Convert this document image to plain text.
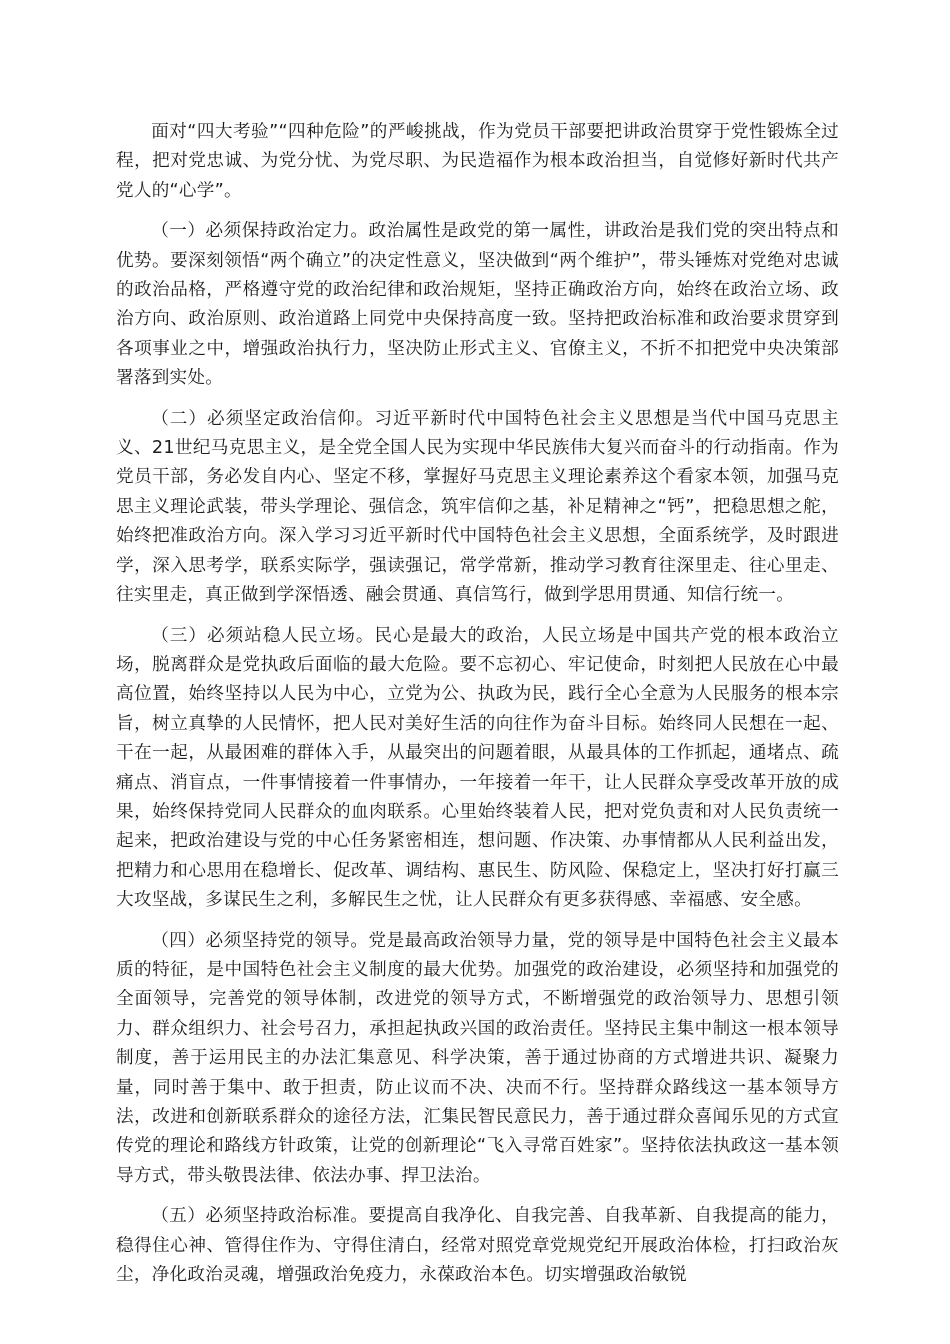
面对“四大考验”“四种危险”的严峻挑战，作为党员干部要把讲政治贯穿于党性锻炼全过程，把对党忠诚、为党分忧、为党尽职、为民造福作为根本政治担当，自觉修好新时代共产党人的“心学”。

（一）必须保持政治定力。政治属性是政党的第一属性，讲政治是我们党的突出特点和优势。要深刻领悟“两个确立”的决定性意义，坚决做到“两个维护”，带头锤炼对党绝对忠诚的政治品格，严格遵守党的政治纪律和政治规矩，坚持正确政治方向，始终在政治立场、政治方向、政治原则、政治道路上同党中央保持高度一致。坚持把政治标准和政治要求贯穿到各项事业之中，增强政治执行力，坚决防止形式主义、官僚主义，不折不扣把党中央决策部署落到实处。

（二）必须坚定政治信仰。习近平新时代中国特色社会主义思想是当代中国马克思主义、21世纪马克思主义，是全党全国人民为实现中华民族伟大复兴而奋斗的行动指南。作为党员干部，务必发自内心、坚定不移，掌握好马克思主义理论素养这个看家本领，加强马克思主义理论武装，带头学理论、强信念，筑牢信仰之基，补足精神之“钙”，把稳思想之舵，始终把准政治方向。深入学习习近平新时代中国特色社会主义思想，全面系统学，及时跟进学，深入思考学，联系实际学，强读强记，常学常新，推动学习教育往深里走、往心里走、往实里走，真正做到学深悟透、融会贯通、真信笃行，做到学思用贯通、知信行统一。

（三）必须站稳人民立场。民心是最大的政治，人民立场是中国共产党的根本政治立场，脱离群众是党执政后面临的最大危险。要不忘初心、牢记使命，时刻把人民放在心中最高位置，始终坚持以人民为中心，立党为公、执政为民，践行全心全意为人民服务的根本宗旨，树立真挚的人民情怀，把人民对美好生活的向往作为奋斗目标。始终同人民想在一起、干在一起，从最困难的群体入手，从最突出的问题着眼，从最具体的工作抓起，通堵点、疏痛点、消盲点，一件事情接着一件事情办，一年接着一年干，让人民群众享受改革开放的成果，始终保持党同人民群众的血肉联系。心里始终装着人民，把对党负责和对人民负责统一起来，把政治建设与党的中心任务紧密相连，想问题、作决策、办事情都从人民利益出发，把精力和心思用在稳增长、促改革、调结构、惠民生、防风险、保稳定上，坚决打好打赢三大攻坚战，多谋民生之利，多解民生之忧，让人民群众有更多获得感、幸福感、安全感。

（四）必须坚持党的领导。党是最高政治领导力量，党的领导是中国特色社会主义最本质的特征，是中国特色社会主义制度的最大优势。加强党的政治建设，必须坚持和加强党的全面领导，完善党的领导体制，改进党的领导方式，不断增强党的政治领导力、思想引领力、群众组织力、社会号召力，承担起执政兴国的政治责任。坚持民主集中制这一根本领导制度，善于运用民主的办法汇集意见、科学决策，善于通过协商的方式增进共识、凝聚力量，同时善于集中、敢于担责，防止议而不决、决而不行。坚持群众路线这一基本领导方法，改进和创新联系群众的途径方法，汇集民智民意民力，善于通过群众喜闻乐见的方式宣传党的理论和路线方针政策，让党的创新理论“飞入寻常百姓家”。坚持依法执政这一基本领导方式，带头敬畏法律、依法办事、捍卫法治。

（五）必须坚持政治标准。要提高自我净化、自我完善、自我革新、自我提高的能力，稳得住心神、管得住作为、守得住清白，经常对照党章党规党纪开展政治体检，打扫政治灰尘，净化政治灵魂，增强政治免疫力，永葆政治本色。切实增强政治敏锐
